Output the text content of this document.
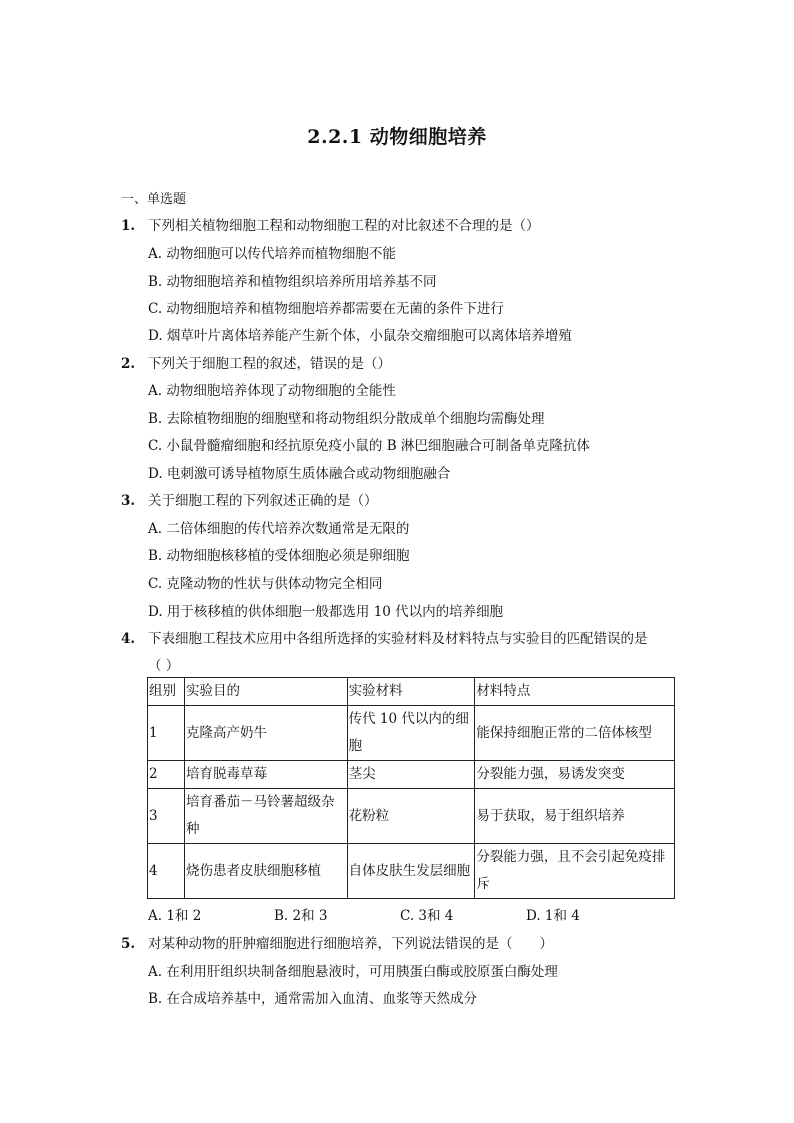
2.2.1 动物细胞培养
一、单选题
1. 下列相关植物细胞工程和动物细胞工程的对比叙述不合理的是（）
A. 动物细胞可以传代培养而植物细胞不能
B. 动物细胞培养和植物组织培养所用培养基不同
C. 动物细胞培养和植物细胞培养都需要在无菌的条件下进行
D. 烟草叶片离体培养能产生新个体，小鼠杂交瘤细胞可以离体培养增殖
2. 下列关于细胞工程的叙述，错误的是（）
A. 动物细胞培养体现了动物细胞的全能性
B. 去除植物细胞的细胞壁和将动物组织分散成单个细胞均需酶处理
C. 小鼠骨髓瘤细胞和经抗原免疫小鼠的 B 淋巴细胞融合可制备单克隆抗体
D. 电刺激可诱导植物原生质体融合或动物细胞融合
3. 关于细胞工程的下列叙述正确的是（）
A. 二倍体细胞的传代培养次数通常是无限的
B. 动物细胞核移植的受体细胞必须是卵细胞
C. 克隆动物的性状与供体动物完全相同
D. 用于核移植的供体细胞一般都选用 10 代以内的培养细胞
4. 下表细胞工程技术应用中各组所选择的实验材料及材料特点与实验目的匹配错误的是
（ ）
组别	实验目的	实验材料	材料特点
1	克隆高产奶牛	传代 10 代以内的细胞	能保持细胞正常的二倍体核型
2	培育脱毒草莓	茎尖	分裂能力强，易诱发突变
3	培育番茄－马铃薯超级杂种	花粉粒	易于获取，易于组织培养
4	烧伤患者皮肤细胞移植	自体皮肤生发层细胞	分裂能力强，且不会引起免疫排斥
A. 1和 2	B. 2和 3	C. 3和 4	D. 1和 4
5. 对某种动物的肝肿瘤细胞进行细胞培养，下列说法错误的是（　　）
A. 在利用肝组织块制备细胞悬液时，可用胰蛋白酶或胶原蛋白酶处理
B. 在合成培养基中，通常需加入血清、血浆等天然成分
